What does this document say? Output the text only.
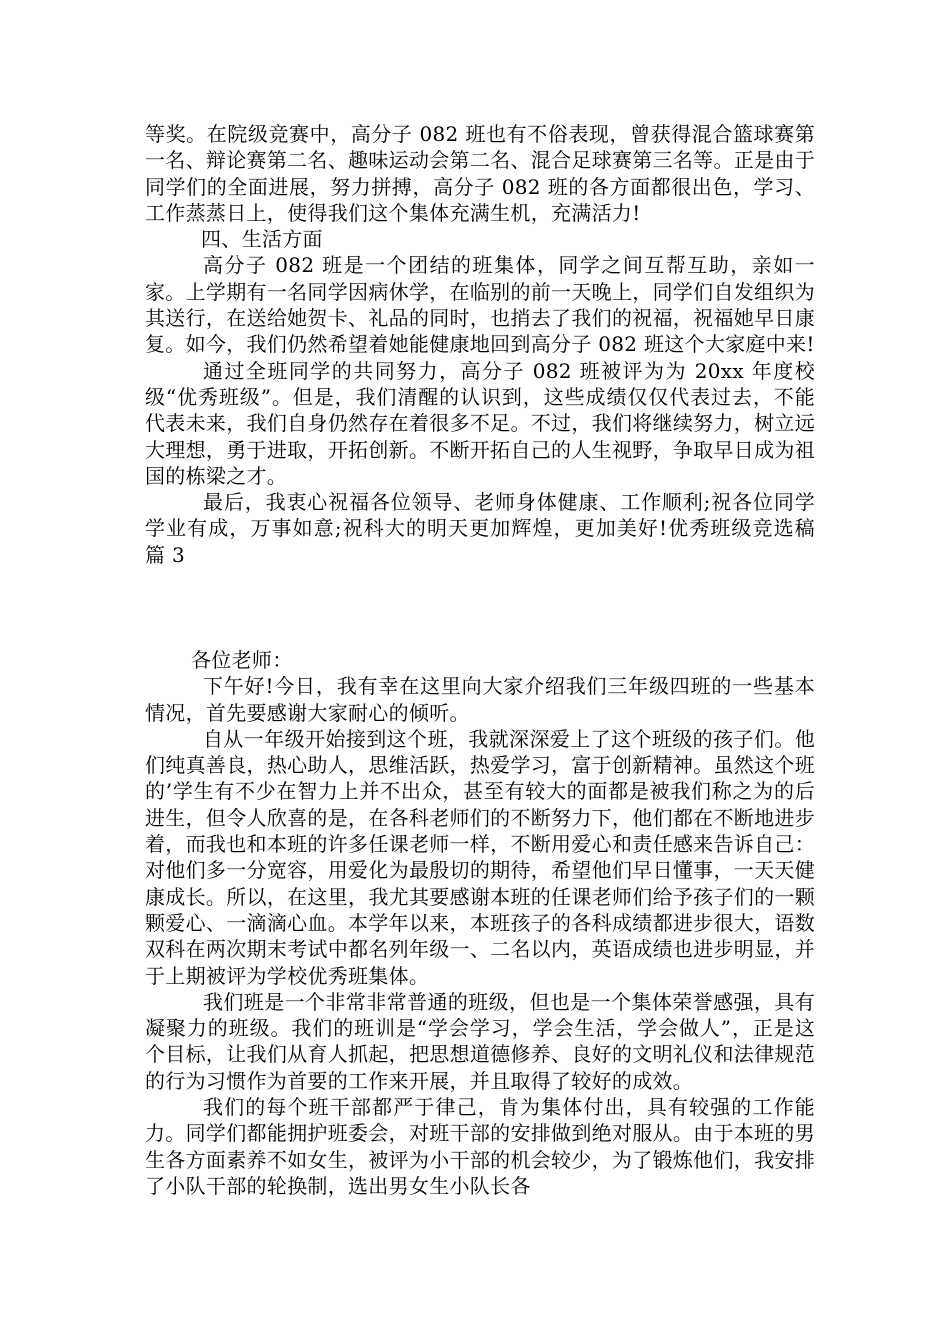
等奖。在院级竞赛中，高分子 082 班也有不俗表现，曾获得混合篮球赛第一名、辩论赛第二名、趣味运动会第二名、混合足球赛第三名等。正是由于同学们的全面进展，努力拼搏，高分子 082 班的各方面都很出色，学习、工作蒸蒸日上，使得我们这个集体充满生机，充满活力!

四、生活方面

高分子 082 班是一个团结的班集体，同学之间互帮互助，亲如一家。上学期有一名同学因病休学，在临别的前一天晚上，同学们自发组织为其送行，在送给她贺卡、礼品的同时，也捎去了我们的祝福，祝福她早日康复。如今，我们仍然希望着她能健康地回到高分子 082 班这个大家庭中来!

通过全班同学的共同努力，高分子 082 班被评为为 20xx 年度校级“优秀班级”。但是，我们清醒的认识到，这些成绩仅仅代表过去，不能代表未来，我们自身仍然存在着很多不足。不过，我们将继续努力，树立远大理想，勇于进取，开拓创新。不断开拓自己的人生视野，争取早日成为祖国的栋梁之才。

最后，我衷心祝福各位领导、老师身体健康、工作顺利;祝各位同学学业有成，万事如意;祝科大的明天更加辉煌，更加美好!优秀班级竞选稿 篇 3

各位老师：

下午好!今日，我有幸在这里向大家介绍我们三年级四班的一些基本情况，首先要感谢大家耐心的倾听。

自从一年级开始接到这个班，我就深深爱上了这个班级的孩子们。他们纯真善良，热心助人，思维活跃，热爱学习，富于创新精神。虽然这个班的’学生有不少在智力上并不出众，甚至有较大的面都是被我们称之为的后进生，但令人欣喜的是，在各科老师们的不断努力下，他们都在不断地进步着，而我也和本班的许多任课老师一样，不断用爱心和责任感来告诉自己：对他们多一分宽容，用爱化为最殷切的期待，希望他们早日懂事，一天天健康成长。所以，在这里，我尤其要感谢本班的任课老师们给予孩子们的一颗颗爱心、一滴滴心血。本学年以来，本班孩子的各科成绩都进步很大，语数双科在两次期末考试中都名列年级一、二名以内，英语成绩也进步明显，并于上期被评为学校优秀班集体。

我们班是一个非常非常普通的班级，但也是一个集体荣誉感强，具有凝聚力的班级。我们的班训是“学会学习，学会生活，学会做人”，正是这个目标，让我们从育人抓起，把思想道德修养、良好的文明礼仪和法律规范的行为习惯作为首要的工作来开展，并且取得了较好的成效。

我们的每个班干部都严于律己，肯为集体付出，具有较强的工作能力。同学们都能拥护班委会，对班干部的安排做到绝对服从。由于本班的男生各方面素养不如女生，被评为小干部的机会较少，为了锻炼他们，我安排了小队干部的轮换制，选出男女生小队长各
